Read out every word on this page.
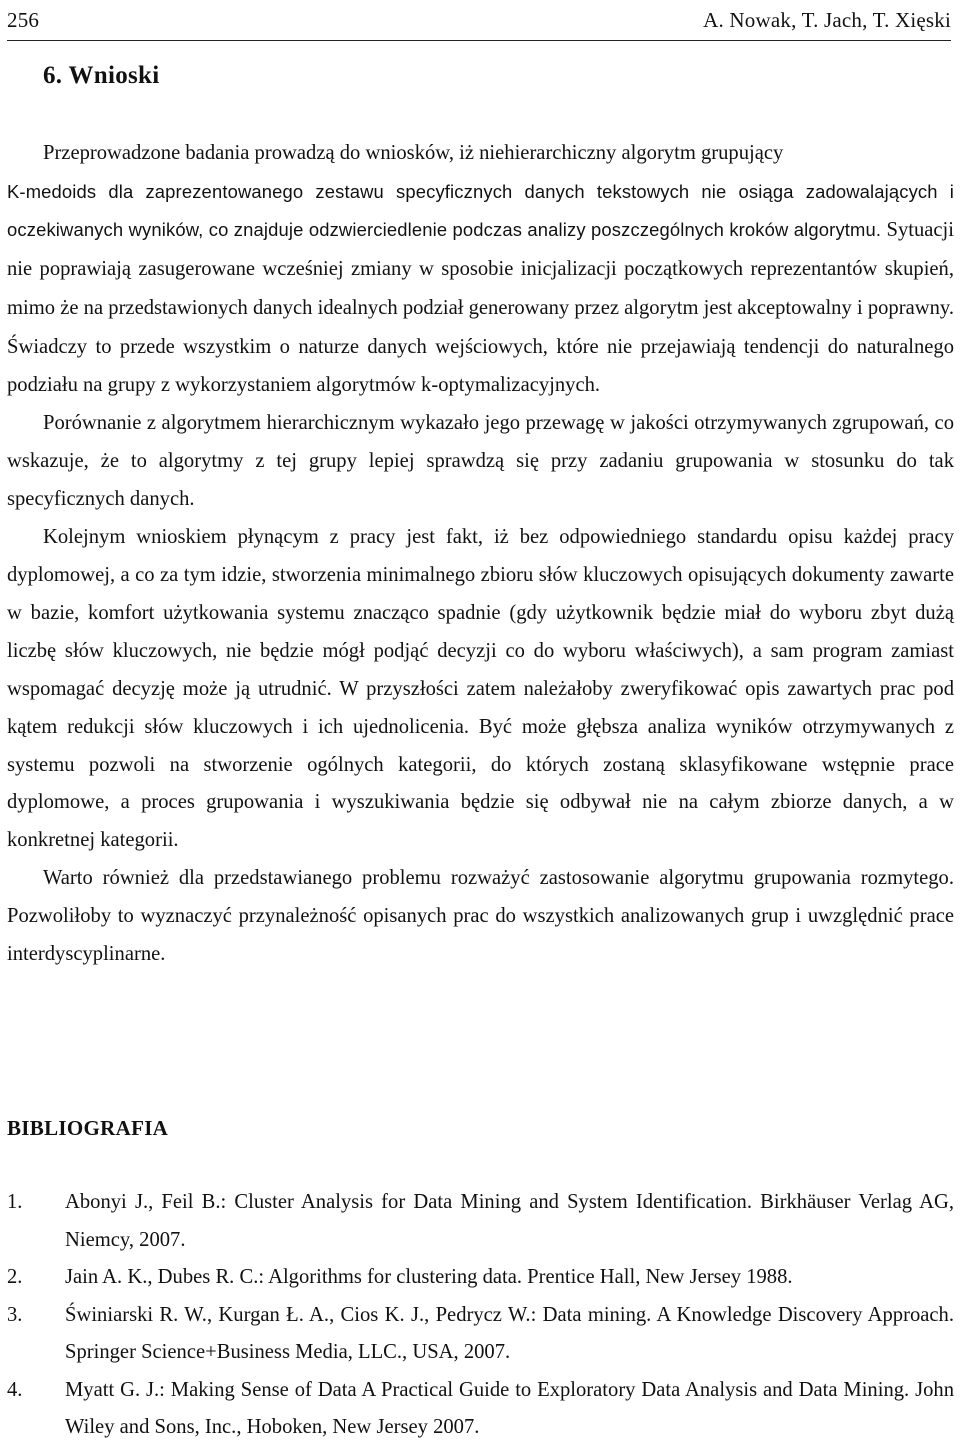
256	A. Nowak, T. Jach, T. Xięski
6. Wnioski

Przeprowadzone badania prowadzą do wniosków, iż niehierarchiczny algorytm grupujący

K-medoids dla zaprezentowanego zestawu specyficznych danych tekstowych nie osiąga zadowalających i oczekiwanych wyników, co znajduje odzwierciedlenie podczas analizy poszczególnych kroków algorytmu. Sytuacji nie poprawiają zasugerowane wcześniej zmiany w sposobie inicjalizacji początkowych reprezentantów skupień, mimo że na przedstawionych danych idealnych podział generowany przez algorytm jest akceptowalny i poprawny. Świadczy to przede wszystkim o naturze danych wejściowych, które nie przejawiają tendencji do naturalnego podziału na grupy z wykorzystaniem algorytmów k-optymalizacyjnych.

Porównanie z algorytmem hierarchicznym wykazało jego przewagę w jakości otrzymywanych zgrupowań, co wskazuje, że to algorytmy z tej grupy lepiej sprawdzą się przy zadaniu grupowania w stosunku do tak specyficznych danych.

Kolejnym wnioskiem płynącym z pracy jest fakt, iż bez odpowiedniego standardu opisu każdej pracy dyplomowej, a co za tym idzie, stworzenia minimalnego zbioru słów kluczowych opisujących dokumenty zawarte w bazie, komfort użytkowania systemu znacząco spadnie (gdy użytkownik będzie miał do wyboru zbyt dużą liczbę słów kluczowych, nie będzie mógł podjąć decyzji co do wyboru właściwych), a sam program zamiast wspomagać decyzję może ją utrudnić. W przyszłości zatem należałoby zweryfikować opis zawartych prac pod kątem redukcji słów kluczowych i ich ujednolicenia. Być może głębsza analiza wyników otrzymywanych z systemu pozwoli na stworzenie ogólnych kategorii, do których zostaną sklasyfikowane wstępnie prace dyplomowe, a proces grupowania i wyszukiwania będzie się odbywał nie na całym zbiorze danych, a w konkretnej kategorii.

Warto również dla przedstawianego problemu rozważyć zastosowanie algorytmu grupowania rozmytego. Pozwoliłoby to wyznaczyć przynależność opisanych prac do wszystkich analizowanych grup i uwzględnić prace interdyscyplinarne.

BIBLIOGRAFIA
1. Abonyi J., Feil B.: Cluster Analysis for Data Mining and System Identification. Birkhäuser Verlag AG, Niemcy, 2007.
2. Jain A. K., Dubes R. C.: Algorithms for clustering data. Prentice Hall, New Jersey 1988.
3. Świniarski R. W., Kurgan Ł. A., Cios K. J., Pedrycz W.: Data mining. A Knowledge Discovery Approach. Springer Science+Business Media, LLC., USA, 2007.
4. Myatt G. J.: Making Sense of Data A Practical Guide to Exploratory Data Analysis and Data Mining. John Wiley and Sons, Inc., Hoboken, New Jersey 2007.
